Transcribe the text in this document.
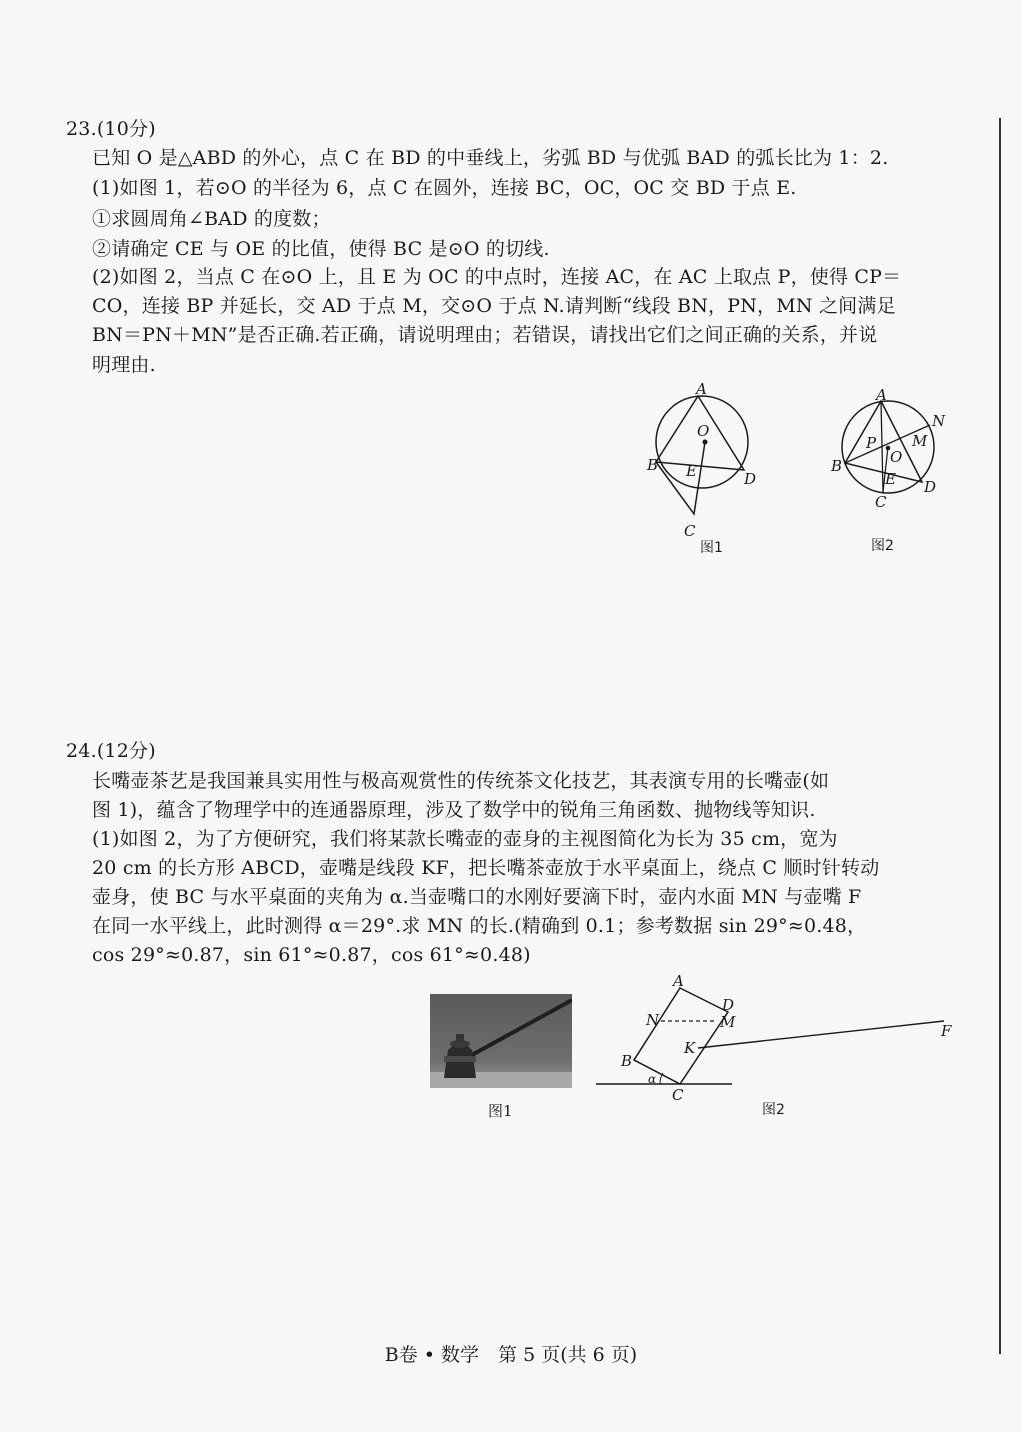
23.(10分)
已知 O 是△ABD 的外心，点 C 在 BD 的中垂线上，劣弧 BD 与优弧 BAD 的弧长比为 1：2.
(1)如图 1，若⊙O 的半径为 6，点 C 在圆外，连接 BC，OC，OC 交 BD 于点 E.
①求圆周角∠BAD 的度数；
②请确定 CE 与 OE 的比值，使得 BC 是⊙O 的切线.
(2)如图 2，当点 C 在⊙O 上，且 E 为 OC 的中点时，连接 AC，在 AC 上取点 P，使得 CP＝
CO，连接 BP 并延长，交 AD 于点 M，交⊙O 于点 N.请判断“线段 BN，PN，MN 之间满足
BN＝PN＋MN”是否正确.若正确，请说明理由；若错误，请找出它们之间正确的关系，并说
明理由.
A
O
B E	D
C
图1
A
N
P M
O
B
E
C
D
图2
24.(12分)
长嘴壶茶艺是我国兼具实用性与极高观赏性的传统茶文化技艺，其表演专用的长嘴壶(如
图 1)，蕴含了物理学中的连通器原理，涉及了数学中的锐角三角函数、抛物线等知识.
(1)如图 2，为了方便研究，我们将某款长嘴壶的壶身的主视图简化为长为 35 cm，宽为
20 cm 的长方形 ABCD，壶嘴是线段 KF，把长嘴茶壶放于水平桌面上，绕点 C 顺时针转动
壶身，使 BC 与水平桌面的夹角为 α.当壶嘴口的水刚好要滴下时，壶内水面 MN 与壶嘴 F
在同一水平线上，此时测得 α＝29°.求 MN 的长.(精确到 0.1；参考数据 sin 29°≈0.48，
cos 29°≈0.87，sin 61°≈0.87，cos 61°≈0.48)
图1
A
D
N	M
K
B
α
C
F
图2
B卷 • 数学　第 5 页(共 6 页)
